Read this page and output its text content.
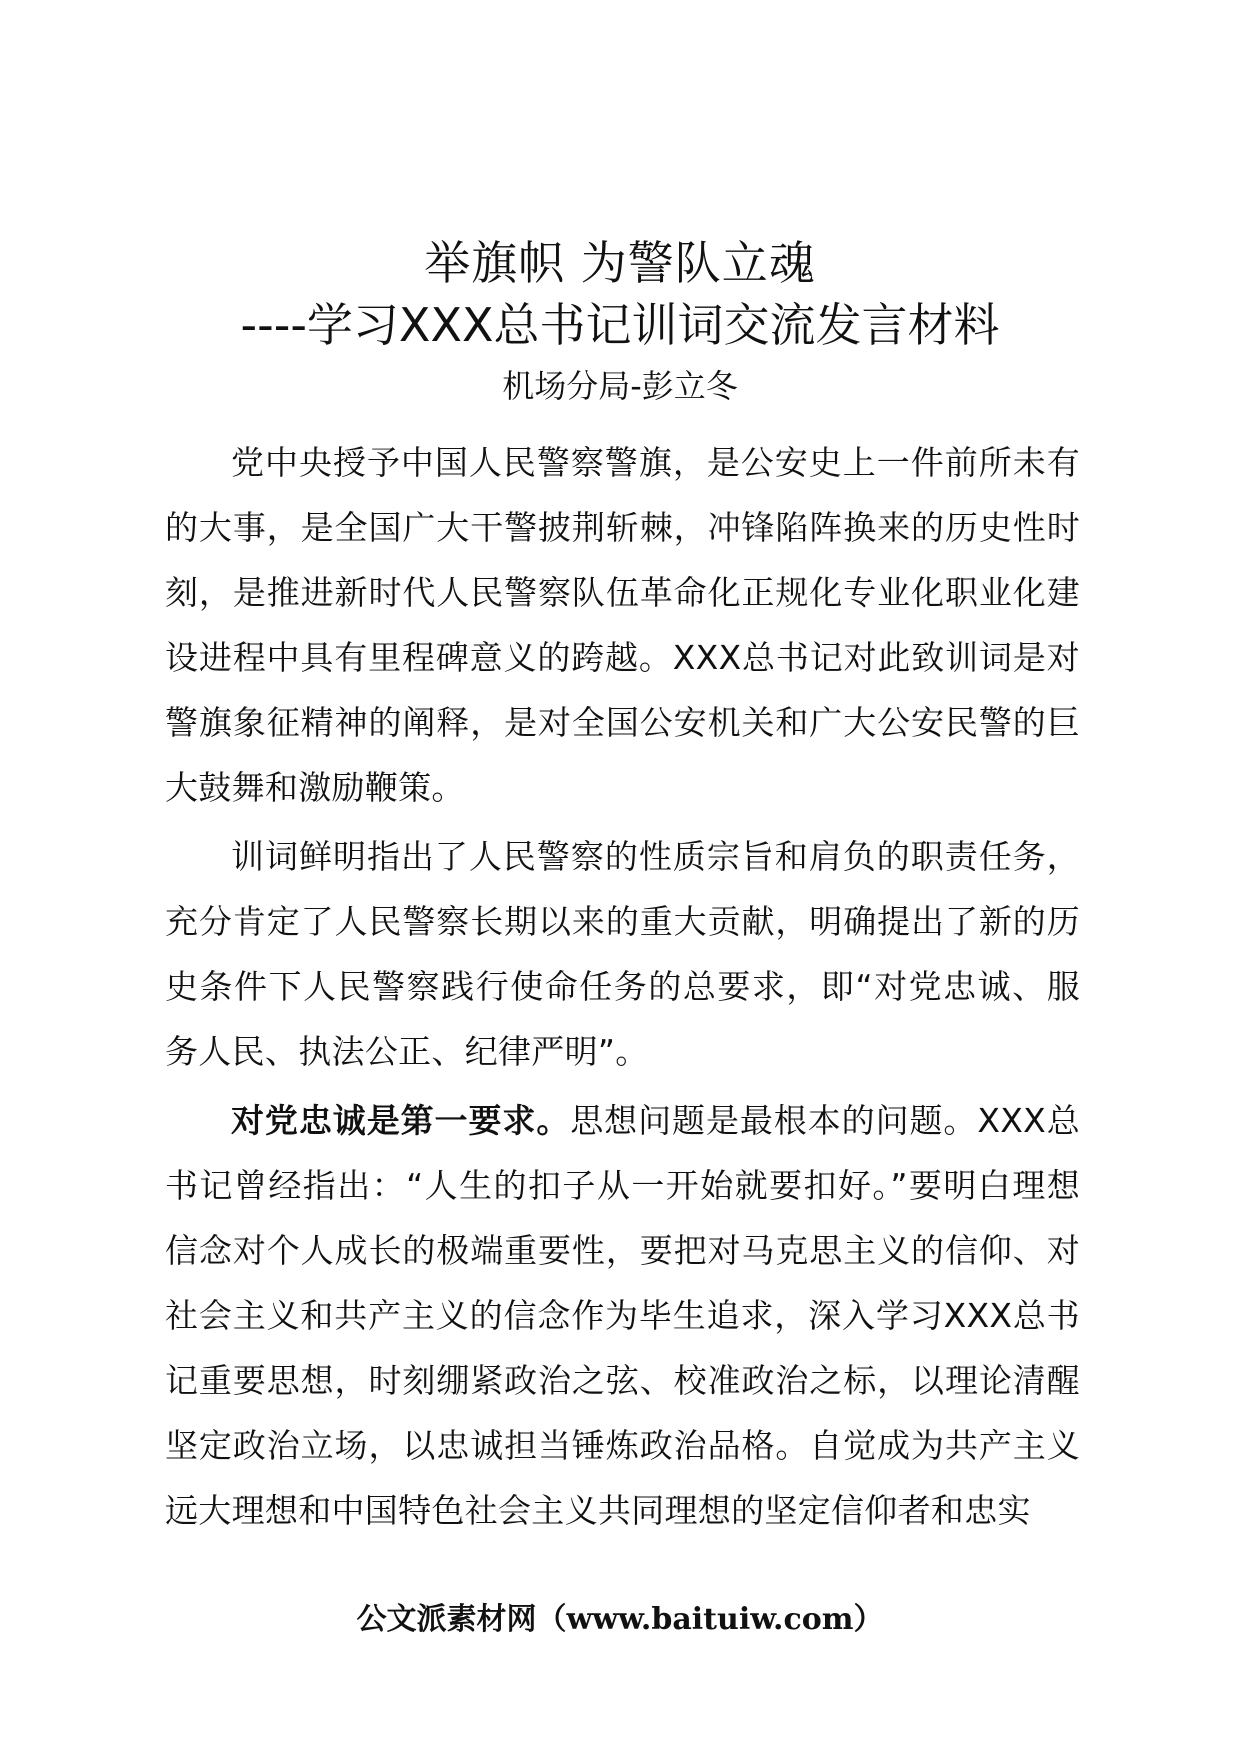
举旗帜 为警队立魂
----学习XXX总书记训词交流发言材料
机场分局-彭立冬

党中央授予中国人民警察警旗，是公安史上一件前所未有的大事，是全国广大干警披荆斩棘，冲锋陷阵换来的历史性时刻，是推进新时代人民警察队伍革命化正规化专业化职业化建设进程中具有里程碑意义的跨越。XXX总书记对此致训词是对警旗象征精神的阐释，是对全国公安机关和广大公安民警的巨大鼓舞和激励鞭策。

训词鲜明指出了人民警察的性质宗旨和肩负的职责任务，充分肯定了人民警察长期以来的重大贡献，明确提出了新的历史条件下人民警察践行使命任务的总要求，即“对党忠诚、服务人民、执法公正、纪律严明”。

对党忠诚是第一要求。思想问题是最根本的问题。XXX总书记曾经指出：“人生的扣子从一开始就要扣好。”要明白理想信念对个人成长的极端重要性，要把对马克思主义的信仰、对社会主义和共产主义的信念作为毕生追求，深入学习XXX总书记重要思想，时刻绷紧政治之弦、校准政治之标，以理论清醒坚定政治立场，以忠诚担当锤炼政治品格。自觉成为共产主义远大理想和中国特色社会主义共同理想的坚定信仰者和忠实

公文派素材网（www.baituiw.com）
